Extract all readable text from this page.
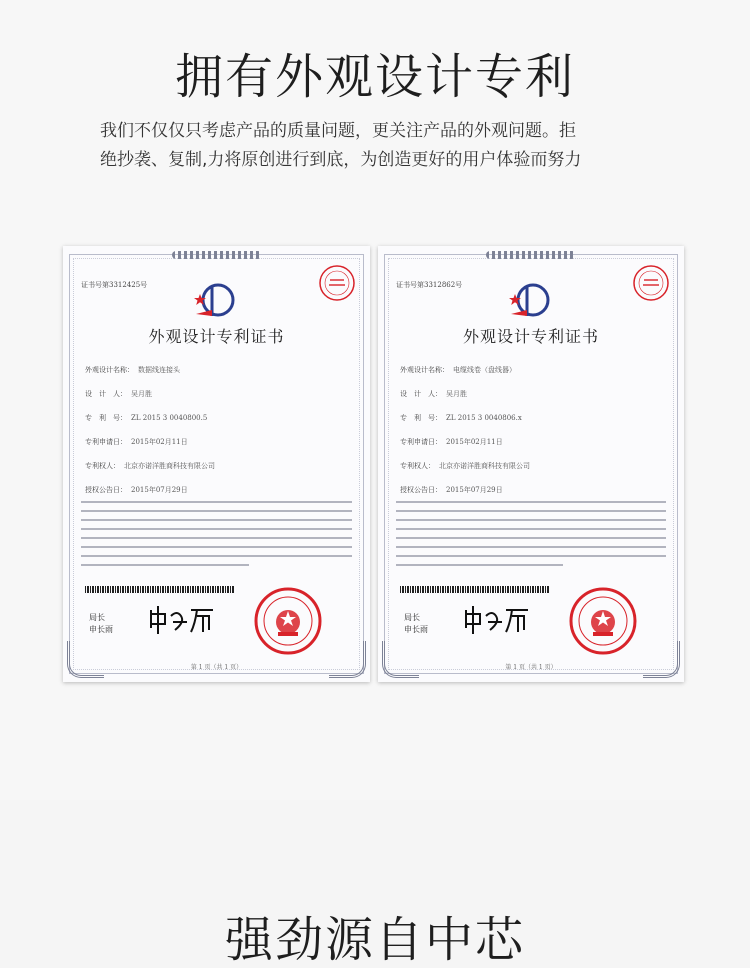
拥有外观设计专利

我们不仅仅只考虑产品的质量问题，更关注产品的外观问题。拒

绝抄袭、复制,力将原创进行到底，为创造更好的用户体验而努力

证书号第3312425号
外观设计专利证书
外观设计名称： 数据线连接头
设　计　人： 吴月胜
专　利　号： ZL 2015 3 0040800.5
专利申请日： 2015年02月11日
专利权人： 北京亦诺洋胜商科技有限公司
授权公告日： 2015年07月29日
局长
申长雨
第 1 页（共 1 页）
证书号第3312862号
外观设计专利证书
外观设计名称： 电缆线卷（盘线器）
设　计　人： 吴月胜
专　利　号： ZL 2015 3 0040806.x
专利申请日： 2015年02月11日
专利权人： 北京亦诺洋胜商科技有限公司
授权公告日： 2015年07月29日
局长
申长雨
第 1 页（共 1 页）
强劲源自中芯
